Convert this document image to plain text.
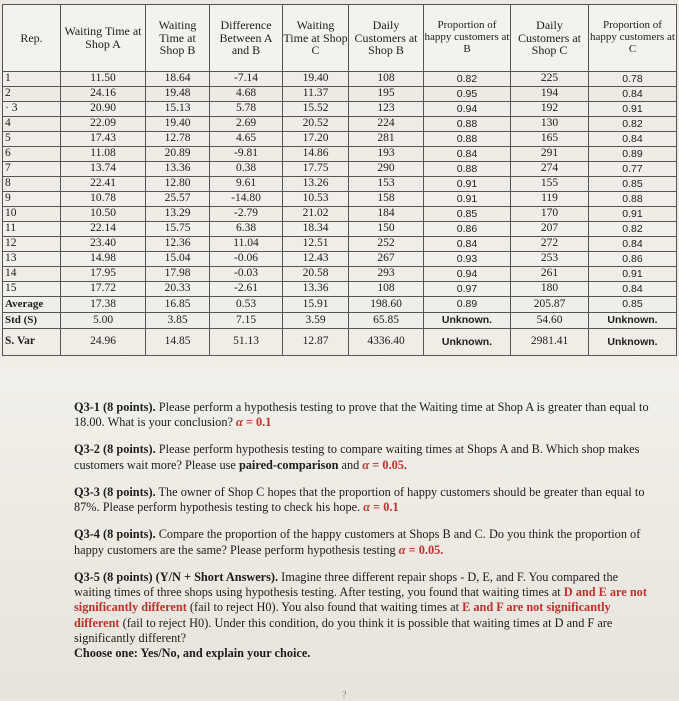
Rep.	Waiting Time at Shop A	Waiting Time at Shop B	Difference Between A and B	Waiting Time at Shop C	Daily Customers at Shop B	Proportion of happy customers at B	Daily Customers at Shop C	Proportion of happy customers at C
1	11.50	18.64	-7.14	19.40	108	0.82	225	0.78
2	24.16	19.48	4.68	11.37	195	0.95	194	0.84
· 3	20.90	15.13	5.78	15.52	123	0.94	192	0.91
4	22.09	19.40	2.69	20.52	224	0.88	130	0.82
5	17.43	12.78	4.65	17.20	281	0.88	165	0.84
6	11.08	20.89	-9.81	14.86	193	0.84	291	0.89
7	13.74	13.36	0.38	17.75	290	0.88	274	0.77
8	22.41	12.80	9.61	13.26	153	0.91	155	0.85
9	10.78	25.57	-14.80	10.53	158	0.91	119	0.88
10	10.50	13.29	-2.79	21.02	184	0.85	170	0.91
11	22.14	15.75	6.38	18.34	150	0.86	207	0.82
12	23.40	12.36	11.04	12.51	252	0.84	272	0.84
13	14.98	15.04	-0.06	12.43	267	0.93	253	0.86
14	17.95	17.98	-0.03	20.58	293	0.94	261	0.91
15	17.72	20.33	-2.61	13.36	108	0.97	180	0.84
Average	17.38	16.85	0.53	15.91	198.60	0.89	205.87	0.85
Std (S)	5.00	3.85	7.15	3.59	65.85	Unknown.	54.60	Unknown.
S. Var	24.96	14.85	51.13	12.87	4336.40	Unknown.	2981.41	Unknown.

Q3-1 (8 points). Please perform a hypothesis testing to prove that the Waiting time at Shop A is greater than equal to 18.00. What is your conclusion? α = 0.1

Q3-2 (8 points). Please perform hypothesis testing to compare waiting times at Shops A and B. Which shop makes customers wait more? Please use paired-comparison and α = 0.05.

Q3-3 (8 points). The owner of Shop C hopes that the proportion of happy customers should be greater than equal to 87%. Please perform hypothesis testing to check his hope. α = 0.1

Q3-4 (8 points). Compare the proportion of the happy customers at Shops B and C. Do you think the proportion of happy customers are the same? Please perform hypothesis testing α = 0.05.

Q3-5 (8 points) (Y/N + Short Answers). Imagine three different repair shops - D, E, and F. You compared the waiting times of three shops using hypothesis testing. After testing, you found that waiting times at D and E are not significantly different (fail to reject H0). You also found that waiting times at E and F are not significantly different (fail to reject H0). Under this condition, do you think it is possible that waiting times at D and F are significantly different?
Choose one: Yes/No, and explain your choice.

?
